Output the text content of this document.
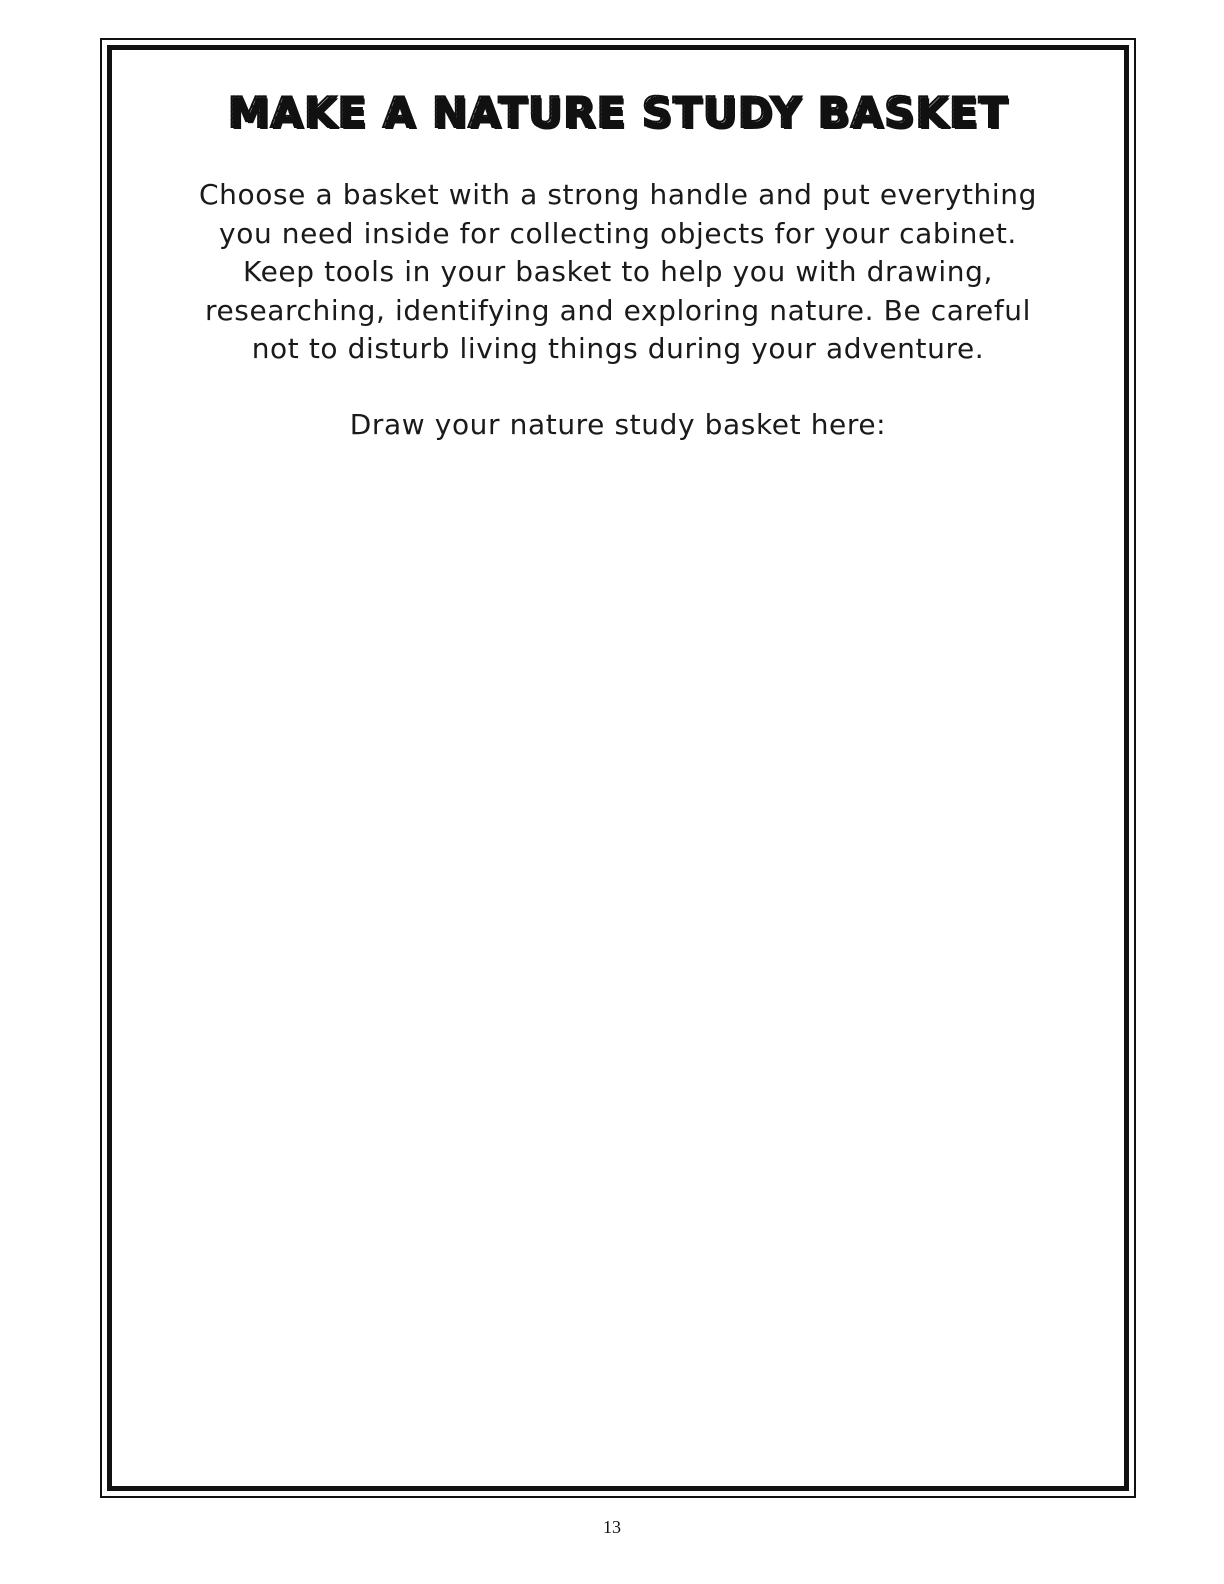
MAKE A NATURE STUDY BASKET
Choose a basket with a strong handle and put everything
you need inside for collecting objects for your cabinet.
Keep tools in your basket to help you with drawing,
researching, identifying and exploring nature. Be careful
not to disturb living things during your adventure.

Draw your nature study basket here:

13
